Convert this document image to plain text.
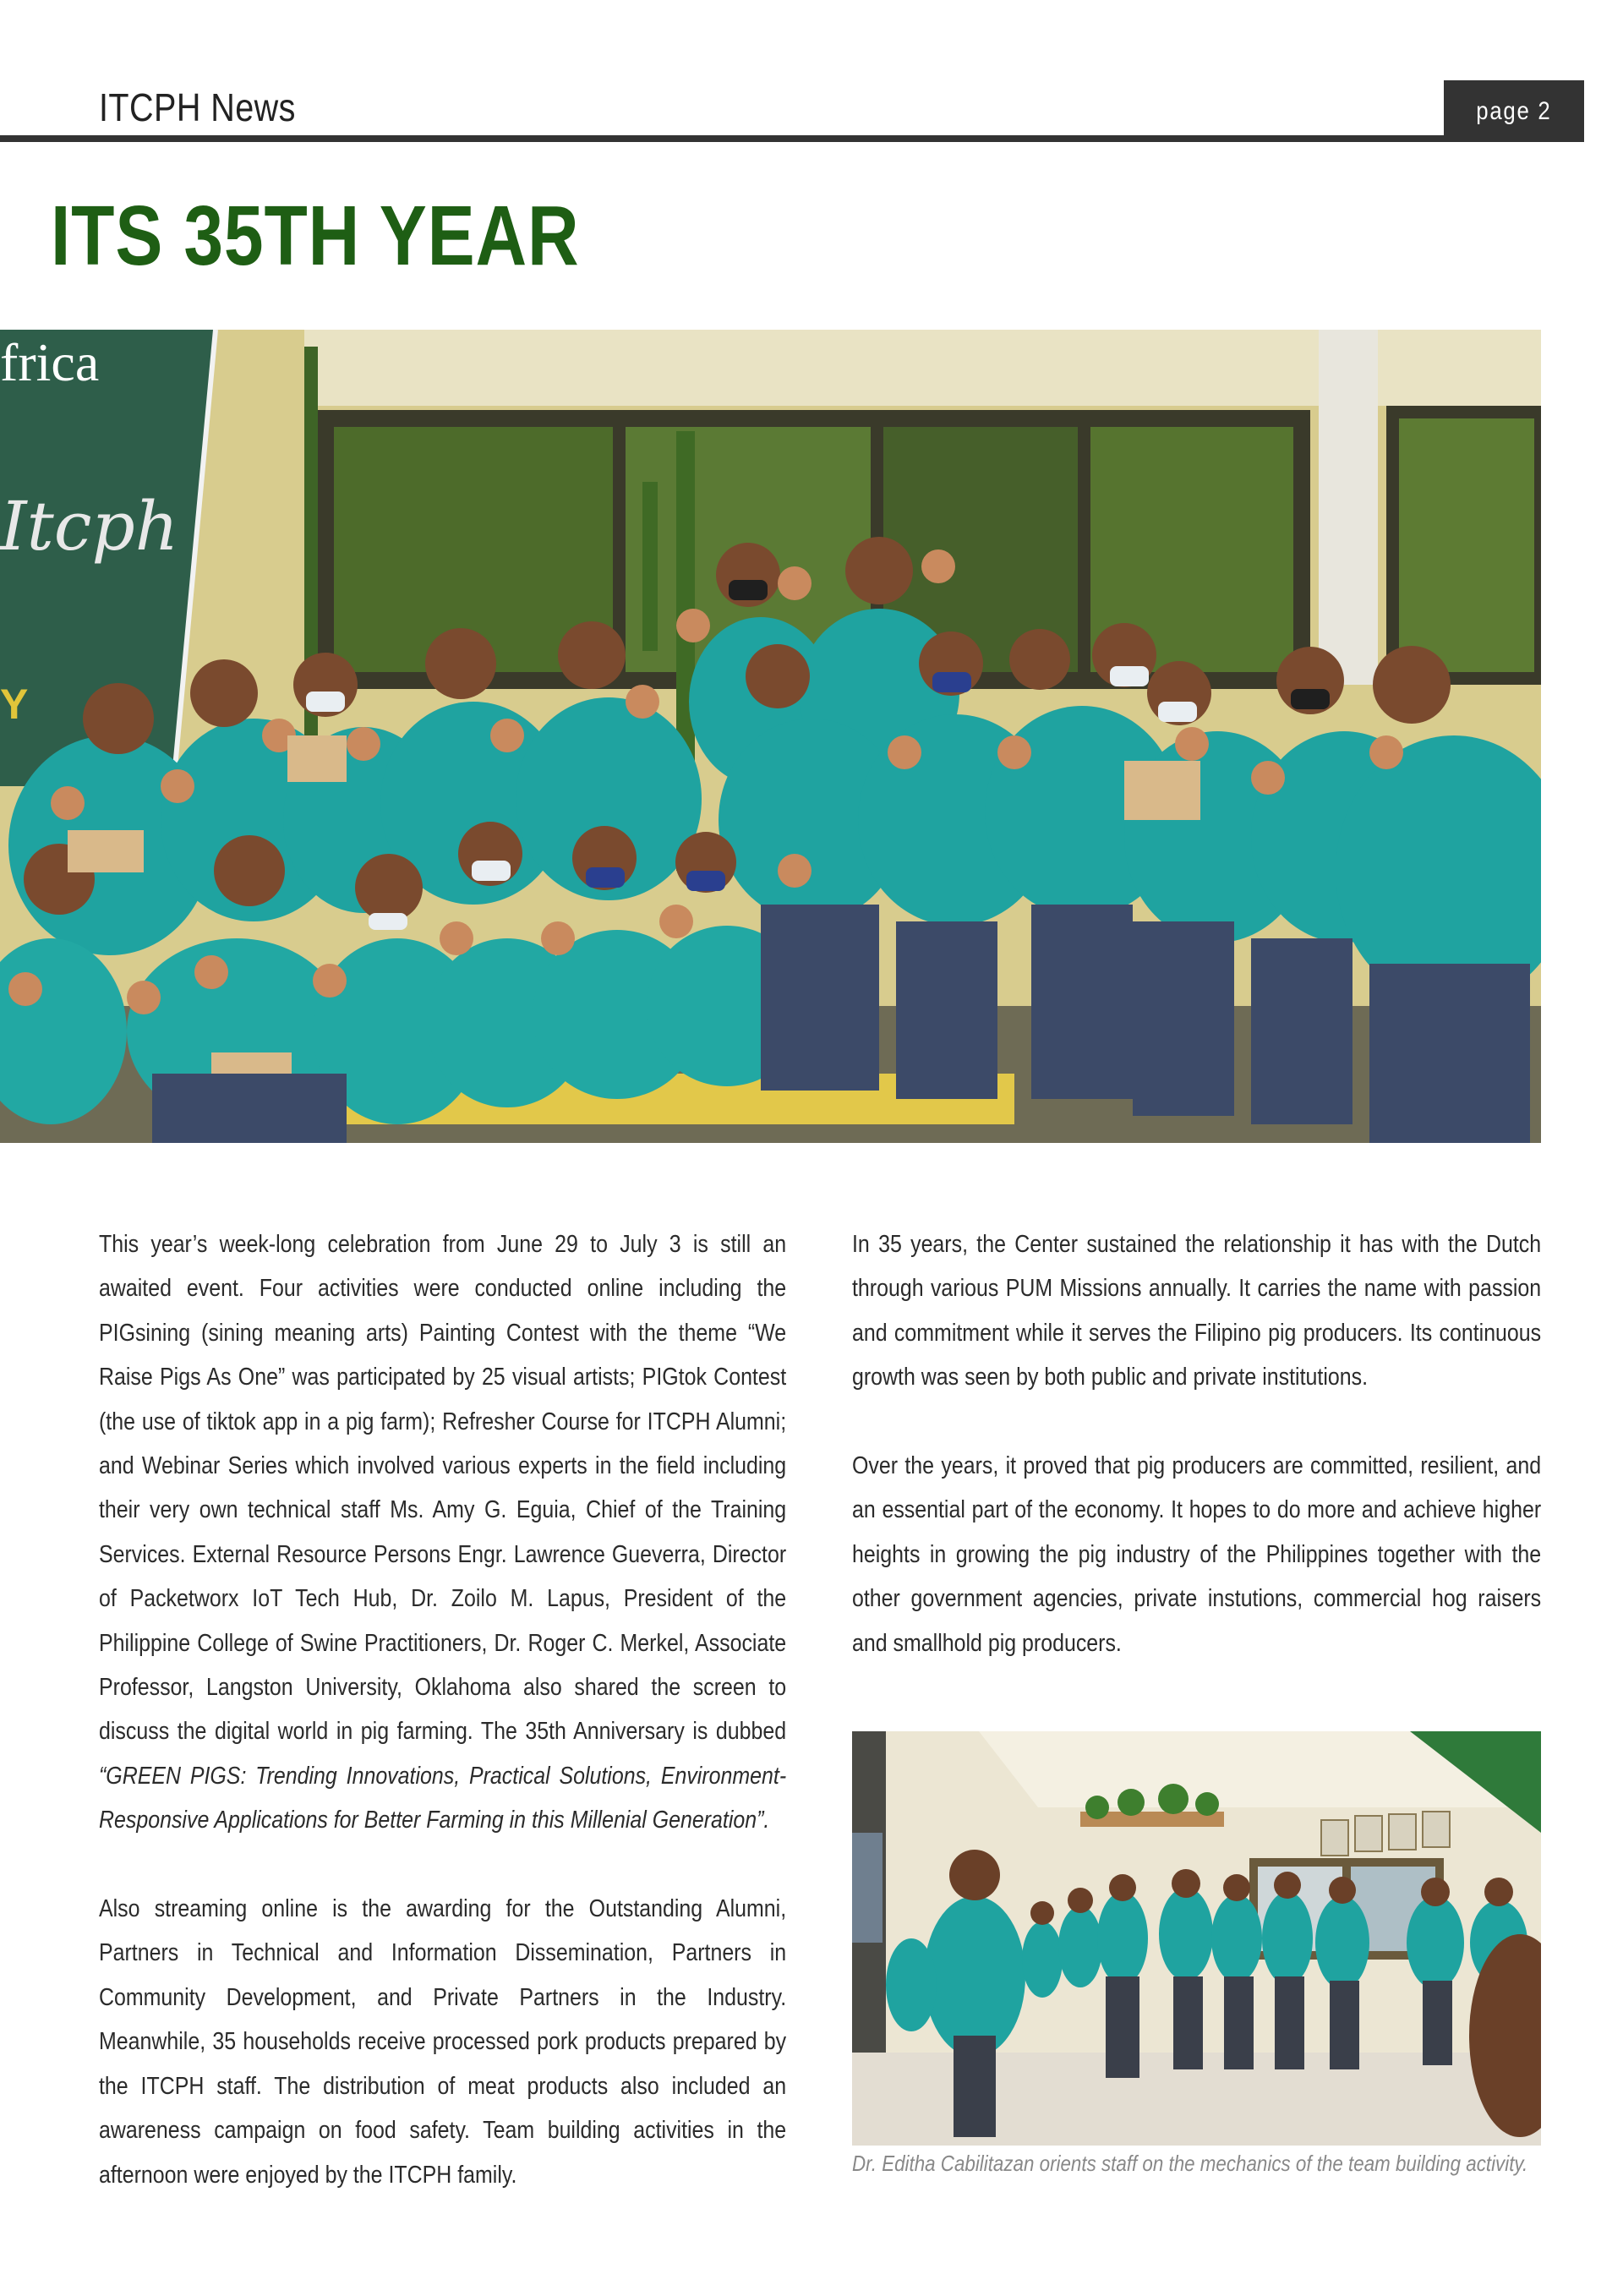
ITCPH News	page 2
ITS 35TH YEAR
frica
Itcph
Y

This year’s week-long celebration from June 29 to July 3 is still an awaited event. Four activities were conducted online including the PIGsining (sining meaning arts) Painting Contest with the theme “We Raise Pigs As One” was participated by 25 visual artists; PIGtok Contest (the use of tiktok app in a pig farm); Refresher Course for ITCPH Alumni; and Webinar Series which involved various experts in the field including their very own technical staff Ms. Amy G. Eguia, Chief of the Training Services. External Resource Persons Engr. Lawrence Gueverra, Director of Packetworx IoT Tech Hub, Dr. Zoilo M. Lapus, President of the Philippine College of Swine Practitioners, Dr. Roger C. Merkel, Associate Professor, Langston University, Oklahoma also shared the screen to discuss the digital world in pig farming. The 35th Anniversary is dubbed “GREEN PIGS: Trending Innovations, Practical Solutions, Environment-Responsive Applications for Better Farming in this Millenial Generation”.

Also streaming online is the awarding for the Outstanding Alumni, Partners in Technical and Information Dissemination, Partners in Community Development, and Private Partners in the Industry. Meanwhile, 35 households receive processed pork products prepared by the ITCPH staff. The distribution of meat products also included an awareness campaign on food safety. Team building activities in the afternoon were enjoyed by the ITCPH family.

In 35 years, the Center sustained the relationship it has with the Dutch through various PUM Missions annually. It carries the name with passion and commitment while it serves the Filipino pig producers. Its continuous growth was seen by both public and private institutions.

Over the years, it proved that pig producers are committed, resilient, and an essential part of the economy. It hopes to do more and achieve higher heights in growing the pig industry of the Philippines together with the other government agencies, private instutions, commercial hog raisers and smallhold pig producers.

Dr. Editha Cabilitazan orients staff on the mechanics of the team building activity.
